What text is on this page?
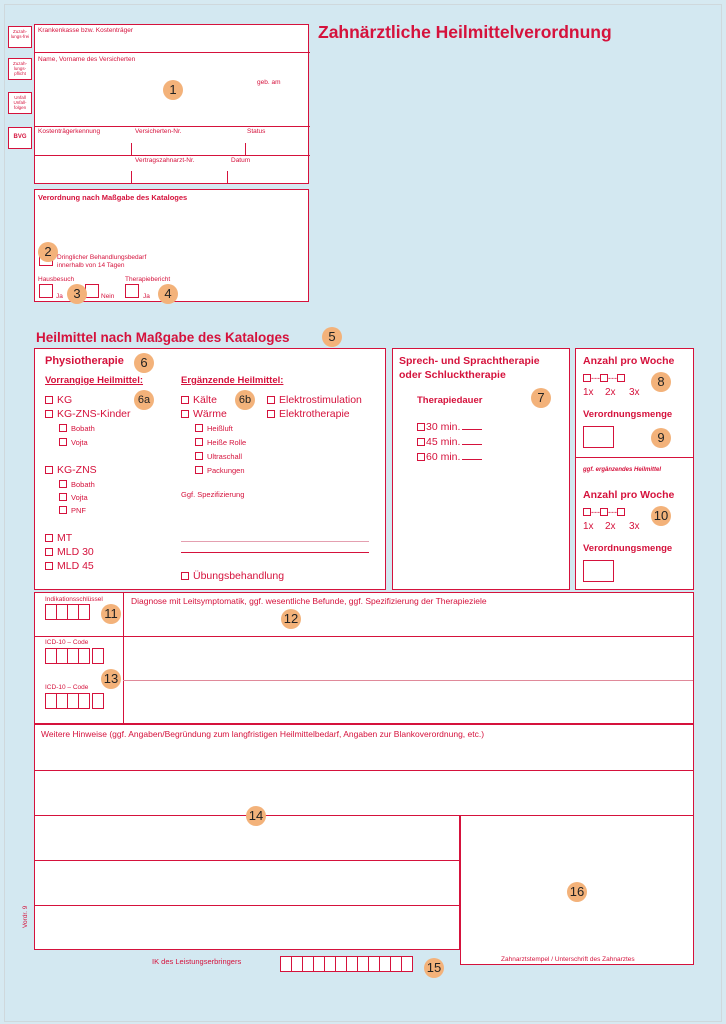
Zahnärztliche Heilmittelverordnung
Zuzah-lungs-frei
Zuzah-lungs-pflicht
Unfall Unfall-folgen
BVG
Krankenkasse bzw. Kostenträger
Name, Vorname des Versicherten
geb. am
Kostenträgerkennung	Versicherten-Nr.	Status
Vertragszahnarzt-Nr.	Datum
Verordnung nach Maßgabe des Kataloges
Dringlicher Behandlungsbedarf
innerhalb von 14 Tagen
Hausbesuch	Therapiebericht
Ja	Nein	Ja
Heilmittel nach Maßgabe des Kataloges
Physiotherapie
Vorrangige Heilmittel:
KG
KG-ZNS-Kinder
Bobath
Vojta
KG-ZNS
Bobath
Vojta
PNF
MT
MLD 30
MLD 45
Ergänzende Heilmittel:
Kälte
Wärme
Heißluft
Heiße Rolle
Ultraschall
Packungen
Elektrostimulation
Elektrotherapie
Ggf. Spezifizierung
Übungsbehandlung
Sprech- und Sprachtherapie
oder Schlucktherapie
Therapiedauer
30 min.
45 min.
60 min.
Anzahl pro Woche
--- ---
1x 2x 3x
Verordnungsmenge
ggf. ergänzendes Heilmittel
Anzahl pro Woche
--- ---
1x 2x 3x
Verordnungsmenge
Indikationsschlüssel	Diagnose mit Leitsymptomatik, ggf. wesentliche Befunde, ggf. Spezifizierung der Therapieziele
ICD-10 – Code
ICD-10 – Code
Weitere Hinweise (ggf. Angaben/Begründung zum langfristigen Heilmittelbedarf, Angaben zur Blankoverordnung, etc.)
Zahnarztstempel / Unterschrift des Zahnarztes
Vordr. 9
IK des Leistungserbringers
1
2
3	4
5
6
6a	6b	7
8
9
10
11	12
13
14
15
16
